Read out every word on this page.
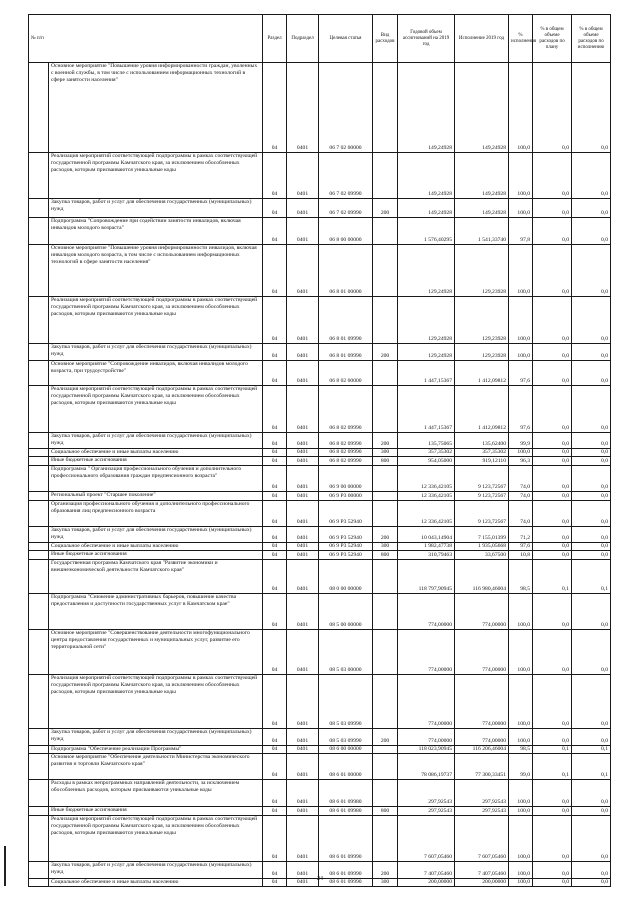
№ п/п		Раздел	Подраздел	Целевая статья	Вид расходов	Годовой объем ассигнований на 2019 год	Исполнение 2019 год	% исполнения	% в общем объеме расходов по плану	% в общем объеме расходов по исполнению
	Основное мероприятие "Повышение уровня информированности граждан, уволенных с военной службы, в том числе с использованием информационных технологий в сфере занятости населения"	04	0401	06 7 02 00000		149,24928	149,24928	100,0	0,0	0,0
	Реализация мероприятий соответствующей подпрограммы в рамках соответствующей государственной программы Камчатского края, за исключением обособленных расходов, которым присваиваются уникальные коды	04	0401	06 7 02 09990		149,24928	149,24928	100,0	0,0	0,0
	Закупка товаров, работ и услуг для обеспечения государственных (муниципальных) нужд	04	0401	06 7 02 09990	200	149,24928	149,24928	100,0	0,0	0,0
	Подпрограмма "Сопровождение при содействии занятости инвалидов, включая инвалидов молодого возраста"	04	0401	06 8 00 00000		1 576,40295	1 541,33740	97,8	0,0	0,0
	Основное мероприятие "Повышение уровня информированности инвалидов, включая инвалидов молодого возраста, в том числе с использованием информационных технологий в сфере занятости населения"	04	0401	06 8 01 00000		129,24928	129,23928	100,0	0,0	0,0
	Реализация мероприятий соответствующей подпрограммы в рамках соответствующей государственной программы Камчатского края, за исключением обособленных расходов, которым присваиваются уникальные коды	04	0401	06 8 01 09990		129,24928	129,23928	100,0	0,0	0,0
	Закупка товаров, работ и услуг для обеспечения государственных (муниципальных) нужд	04	0401	06 8 01 09990	200	129,24928	129,23928	100,0	0,0	0,0
	Основное мероприятие "Сопровождение инвалидов, включая инвалидов молодого возраста, при трудоустройстве"	04	0401	06 8 02 00000		1 447,15367	1 412,09812	97,6	0,0	0,0
	Реализация мероприятий соответствующей подпрограммы в рамках соответствующей государственной программы Камчатского края, за исключением обособленных расходов, которым присваиваются уникальные коды	04	0401	06 8 02 09990		1 447,15367	1 412,09812	97,6	0,0	0,0
	Закупка товаров, работ и услуг для обеспечения государственных (муниципальных) нужд	04	0401	06 8 02 09990	200	135,75065	135,62400	99,9	0,0	0,0
	Социальное обеспечение и иные выплаты населению	04	0401	06 8 02 09990	300	357,35302	357,35302	100,0	0,0	0,0
	Иные бюджетные ассигнования	04	0401	06 8 02 09990	800	954,05000	919,12110	96,3	0,0	0,0
	Подпрограмма " Организация профессионального обучения и дополнительного профессионального образования граждан предпенсионного возраста"	04	0401	06 9 00 00000		12 336,42105	9 123,72567	74,0	0,0	0,0
	Региональный проект "Старшее поколение"	04	0401	06 9 P3 00000		12 336,42105	9 123,72567	74,0	0,0	0,0
	Организация профессионального обучения и дополнительного профессионального образования лиц предпенсионного возраста	04	0401	06 9 P3 52940		12 336,42105	9 123,72567	74,0	0,0	0,0
	Закупка товаров, работ и услуг для обеспечения государственных (муниципальных) нужд	04	0401	06 9 P3 52940	200	10 043,14904	7 155,01399	71,2	0,0	0,0
	Социальное обеспечение и иные выплаты населению	04	0401	06 9 P3 52940	300	1 982,47738	1 935,05668	97,6	0,0	0,0
	Иные бюджетные ассигнования	04	0401	06 9 P3 52940	800	310,79463	33,67500	10,8	0,0	0,0
	Государственная программа Камчатского края "Развитие экономики и внешнеэкономической деятельности Камчатского края"	04	0401	08 0 00 00000		118 797,90945	116 980,46004	98,5	0,1	0,1
	Подпрограмма "Снижение административных барьеров, повышение качества предоставления и доступности государственных услуг в Камчатском крае"	04	0401	08 5 00 00000		774,00000	774,00000	100,0	0,0	0,0
	Основное мероприятие "Совершенствование деятельности многофункционального центра предоставления государственных и муниципальных услуг, развитие его территориальной сети"	04	0401	08 5 03 00000		774,00000	774,00000	100,0	0,0	0,0
	Реализация мероприятий соответствующей подпрограммы в рамках соответствующей государственной программы Камчатского края, за исключением обособленных расходов, которым присваиваются уникальные коды	04	0401	08 5 03 09990		774,00000	774,00000	100,0	0,0	0,0
	Закупка товаров, работ и услуг для обеспечения государственных (муниципальных) нужд	04	0401	08 5 03 09990	200	774,00000	774,00000	100,0	0,0	0,0
	Подпрограмма "Обеспечение реализации Программы"	04	0401	08 6 00 00000		118 023,90945	116 206,46004	98,5	0,1	0,1
	Основное мероприятие "Обеспечение деятельности Министерства экономического развития и торговли Камчатского края"	04	0401	08 6 01 00000		78 086,19737	77 300,33451	99,0	0,1	0,1
	Расходы в рамках непрограммных направлений деятельности, за исключением обособленных расходов, которым присваиваются уникальные коды	04	0401	08 6 01 09980		297,92543	297,92543	100,0	0,0	0,0
	Иные бюджетные ассигнования	04	0401	08 6 01 09980	800	297,92543	297,92543	100,0	0,0	0,0
	Реализация мероприятий соответствующей подпрограммы в рамках соответствующей государственной программы Камчатского края, за исключением обособленных расходов, которым присваиваются уникальные коды	04	0401	08 6 01 09990		7 607,05460	7 607,05460	100,0	0,0	0,0
	Закупка товаров, работ и услуг для обеспечения государственных (муниципальных) нужд	04	0401	08 6 01 09990	200	7 407,05460	7 407,05460	100,0	0,0	0,0
	Социальное обеспечение и иные выплаты населению	04	0401	08 6 01 09990	300	200,00000	200,00000	100,0	0,0	0,0
24
